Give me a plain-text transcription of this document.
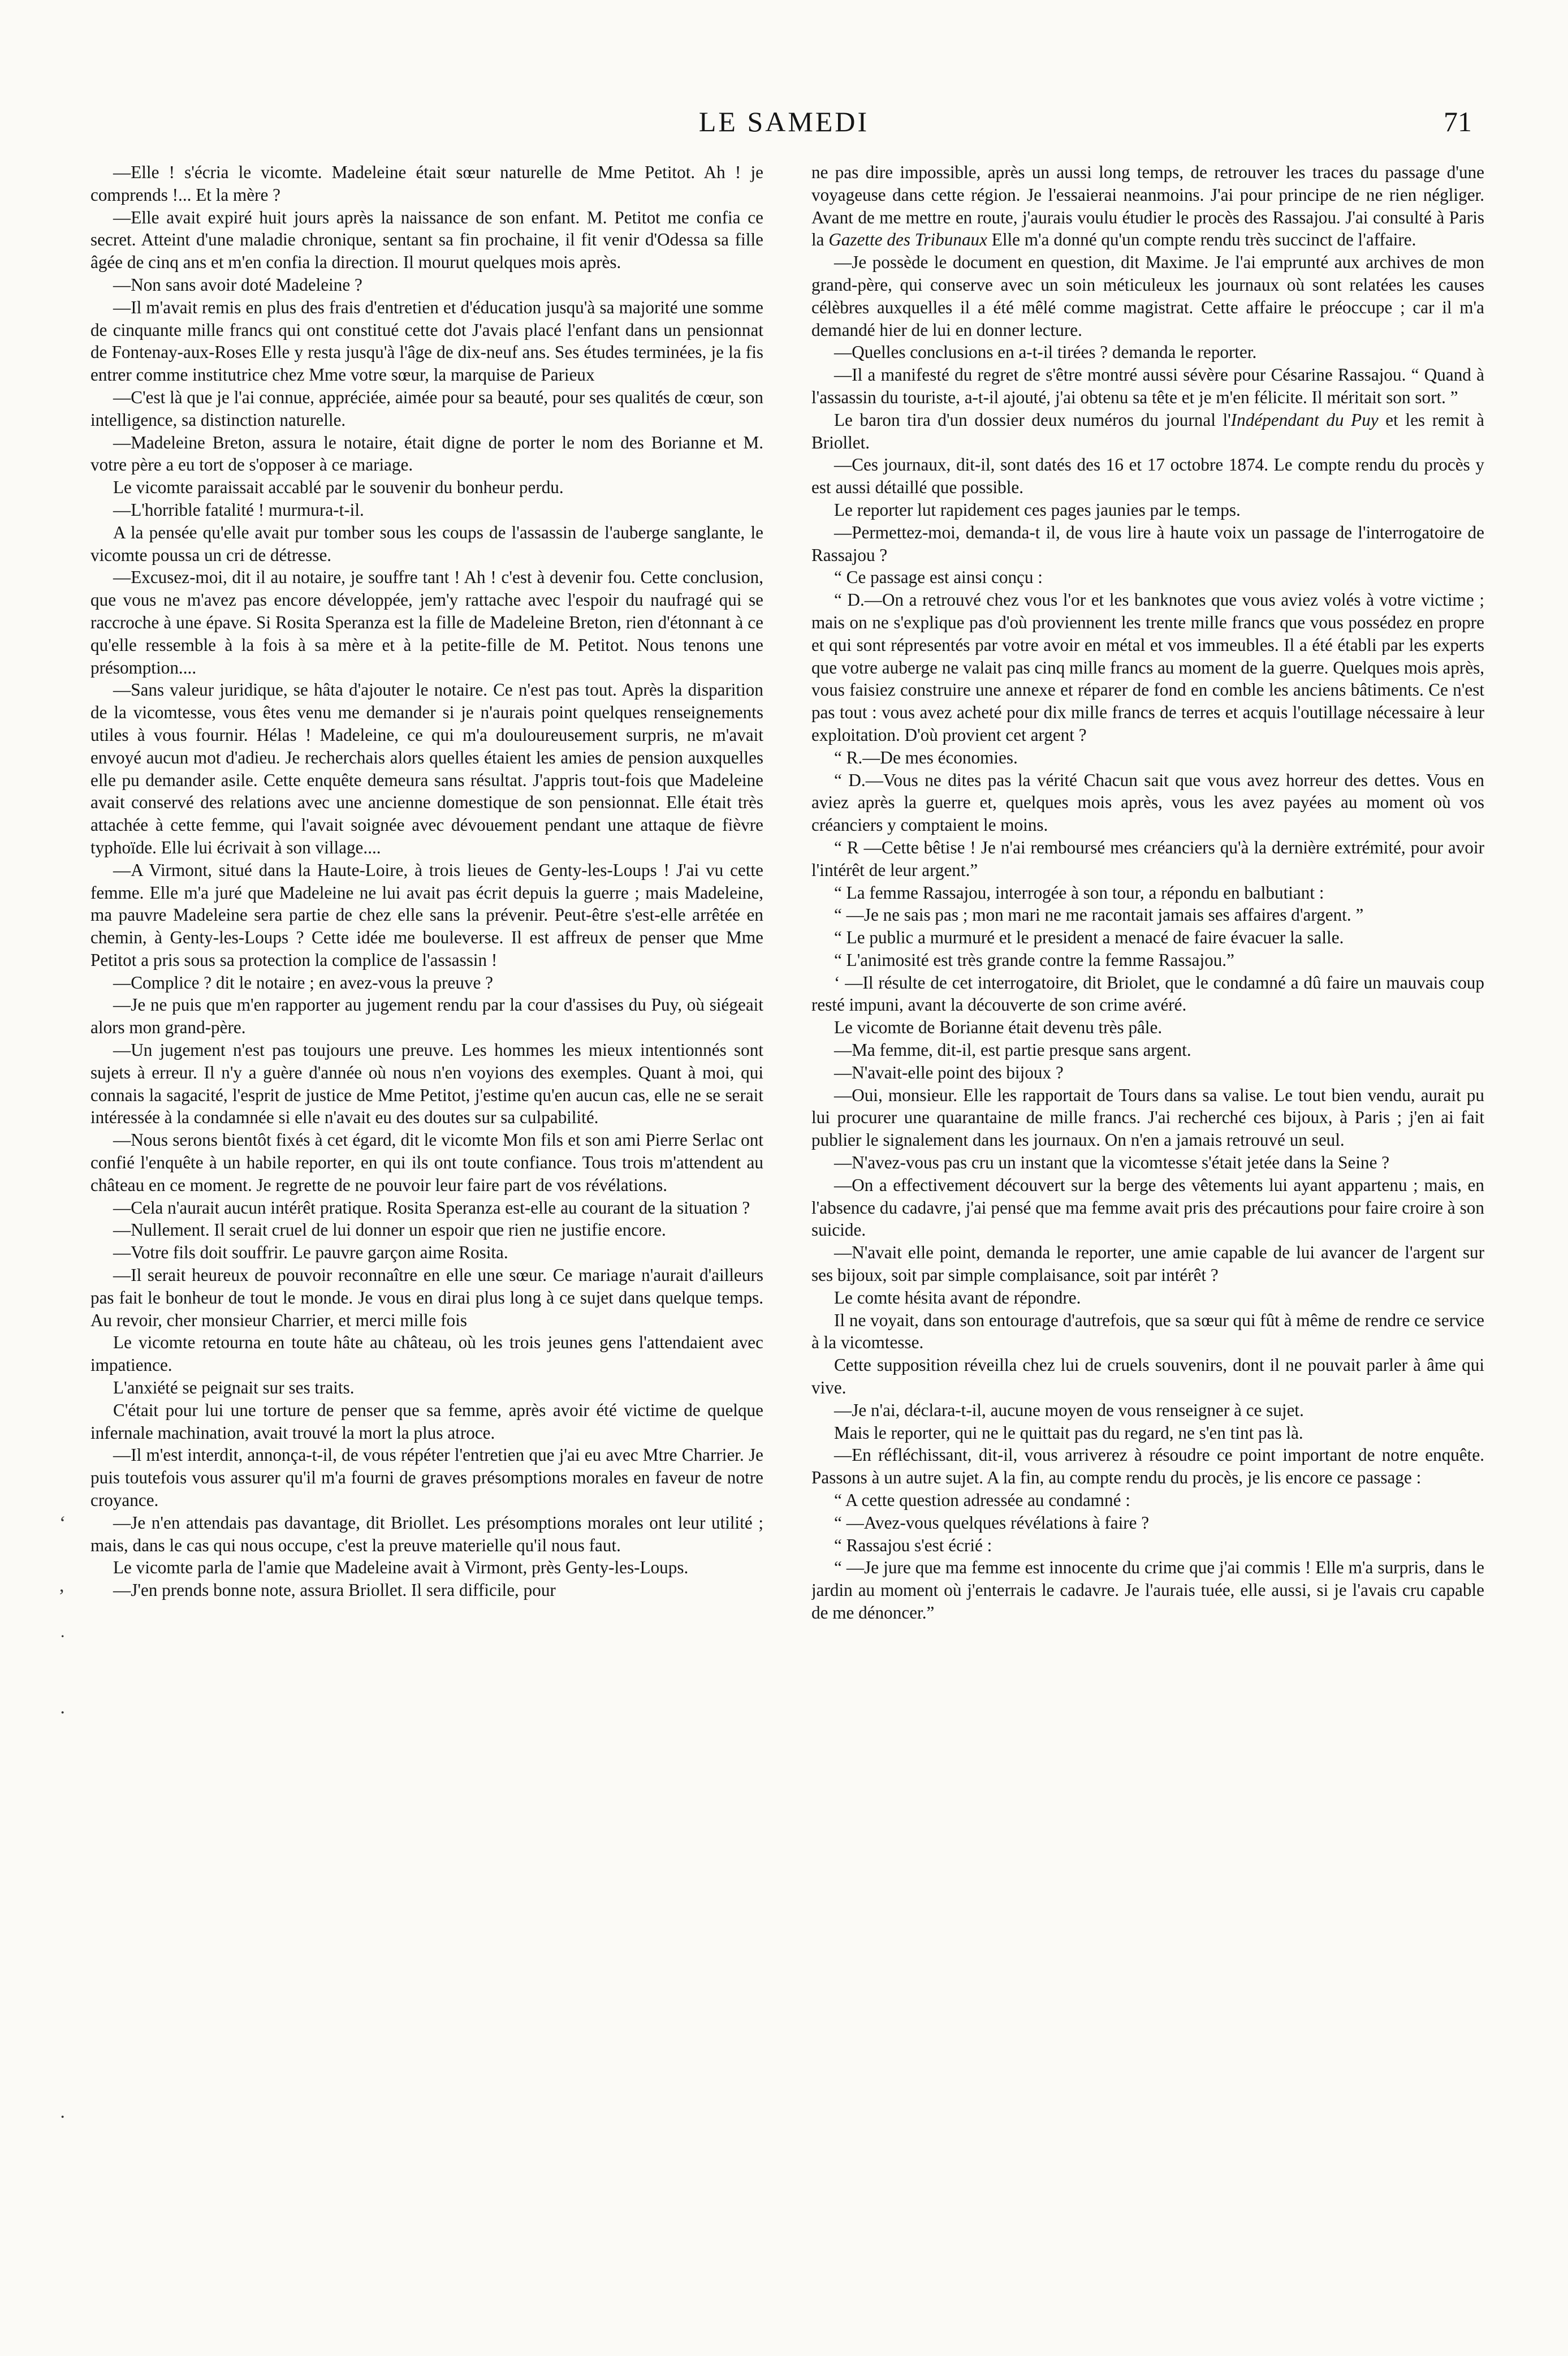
LE SAMEDI	71
‘
,
˙
·
·

—Elle ! s'écria le vicomte. Madeleine était sœur naturelle de Mme Petitot. Ah ! je comprends !... Et la mère ?

—Elle avait expiré huit jours après la naissance de son enfant. M. Petitot me confia ce secret. Atteint d'une maladie chronique, sentant sa fin prochaine, il fit venir d'Odessa sa fille âgée de cinq ans et m'en confia la direction. Il mourut quelques mois après.

—Non sans avoir doté Madeleine ?

—Il m'avait remis en plus des frais d'entretien et d'éducation jusqu'à sa majorité une somme de cinquante mille francs qui ont constitué cette dot J'avais placé l'enfant dans un pensionnat de Fontenay-aux-Roses Elle y resta jusqu'à l'âge de dix-neuf ans. Ses études terminées, je la fis entrer comme institutrice chez Mme votre sœur, la marquise de Parieux

—C'est là que je l'ai connue, appréciée, aimée pour sa beauté, pour ses qualités de cœur, son intelligence, sa distinction naturelle.

—Madeleine Breton, assura le notaire, était digne de porter le nom des Borianne et M. votre père a eu tort de s'opposer à ce mariage.

Le vicomte paraissait accablé par le souvenir du bonheur perdu.

—L'horrible fatalité ! murmura-t-il.

A la pensée qu'elle avait pur tomber sous les coups de l'assassin de l'auberge sanglante, le vicomte poussa un cri de détresse.

—Excusez-moi, dit il au notaire, je souffre tant ! Ah ! c'est à devenir fou. Cette conclusion, que vous ne m'avez pas encore développée, jem'y rattache avec l'espoir du naufragé qui se raccroche à une épave. Si Rosita Speranza est la fille de Madeleine Breton, rien d'étonnant à ce qu'elle ressemble à la fois à sa mère et à la petite-fille de M. Petitot. Nous tenons une présomption....

—Sans valeur juridique, se hâta d'ajouter le notaire. Ce n'est pas tout. Après la disparition de la vicomtesse, vous êtes venu me demander si je n'aurais point quelques renseignements utiles à vous fournir. Hélas ! Madeleine, ce qui m'a douloureusement surpris, ne m'avait envoyé aucun mot d'adieu. Je recherchais alors quelles étaient les amies de pension auxquelles elle pu demander asile. Cette enquête demeura sans résultat. J'appris tout-fois que Madeleine avait conservé des relations avec une ancienne domestique de son pensionnat. Elle était très attachée à cette femme, qui l'avait soignée avec dévouement pendant une attaque de fièvre typhoïde. Elle lui écrivait à son village....

—A Virmont, situé dans la Haute-Loire, à trois lieues de Genty-les-Loups ! J'ai vu cette femme. Elle m'a juré que Madeleine ne lui avait pas écrit depuis la guerre ; mais Madeleine, ma pauvre Madeleine sera partie de chez elle sans la prévenir. Peut-être s'est-elle arrêtée en chemin, à Genty-les-Loups ? Cette idée me bouleverse. Il est affreux de penser que Mme Petitot a pris sous sa protection la complice de l'assassin !

—Complice ? dit le notaire ; en avez-vous la preuve ?

—Je ne puis que m'en rapporter au jugement rendu par la cour d'assises du Puy, où siégeait alors mon grand-père.

—Un jugement n'est pas toujours une preuve. Les hommes les mieux intentionnés sont sujets à erreur. Il n'y a guère d'année où nous n'en voyions des exemples. Quant à moi, qui connais la sagacité, l'esprit de justice de Mme Petitot, j'estime qu'en aucun cas, elle ne se serait intéressée à la condamnée si elle n'avait eu des doutes sur sa culpabilité.

—Nous serons bientôt fixés à cet égard, dit le vicomte Mon fils et son ami Pierre Serlac ont confié l'enquête à un habile reporter, en qui ils ont toute confiance. Tous trois m'attendent au château en ce moment. Je regrette de ne pouvoir leur faire part de vos révélations.

—Cela n'aurait aucun intérêt pratique. Rosita Speranza est-elle au courant de la situation ?

—Nullement. Il serait cruel de lui donner un espoir que rien ne justifie encore.

—Votre fils doit souffrir. Le pauvre garçon aime Rosita.

—Il serait heureux de pouvoir reconnaître en elle une sœur. Ce mariage n'aurait d'ailleurs pas fait le bonheur de tout le monde. Je vous en dirai plus long à ce sujet dans quelque temps. Au revoir, cher monsieur Charrier, et merci mille fois

Le vicomte retourna en toute hâte au château, où les trois jeunes gens l'attendaient avec impatience.

L'anxiété se peignait sur ses traits.

C'était pour lui une torture de penser que sa femme, après avoir été victime de quelque infernale machination, avait trouvé la mort la plus atroce.

—Il m'est interdit, annonça-t-il, de vous répéter l'entretien que j'ai eu avec Mtre Charrier. Je puis toutefois vous assurer qu'il m'a fourni de graves présomptions morales en faveur de notre croyance.

—Je n'en attendais pas davantage, dit Briollet. Les présomptions morales ont leur utilité ; mais, dans le cas qui nous occupe, c'est la preuve materielle qu'il nous faut.

Le vicomte parla de l'amie que Madeleine avait à Virmont, près Genty-les-Loups.

—J'en prends bonne note, assura Briollet. Il sera difficile, pour

ne pas dire impossible, après un aussi long temps, de retrouver les traces du passage d'une voyageuse dans cette région. Je l'essaierai neanmoins. J'ai pour principe de ne rien négliger. Avant de me mettre en route, j'aurais voulu étudier le procès des Rassajou. J'ai consulté à Paris la Gazette des Tribunaux Elle m'a donné qu'un compte rendu très succinct de l'affaire.

—Je possède le document en question, dit Maxime. Je l'ai emprunté aux archives de mon grand-père, qui conserve avec un soin méticuleux les journaux où sont relatées les causes célèbres auxquelles il a été mêlé comme magistrat. Cette affaire le préoccupe ; car il m'a demandé hier de lui en donner lecture.

—Quelles conclusions en a-t-il tirées ? demanda le reporter.

—Il a manifesté du regret de s'être montré aussi sévère pour Césarine Rassajou. “ Quand à l'assassin du touriste, a-t-il ajouté, j'ai obtenu sa tête et je m'en félicite. Il méritait son sort. ”

Le baron tira d'un dossier deux numéros du journal l'Indépendant du Puy et les remit à Briollet.

—Ces journaux, dit-il, sont datés des 16 et 17 octobre 1874. Le compte rendu du procès y est aussi détaillé que possible.

Le reporter lut rapidement ces pages jaunies par le temps.

—Permettez-moi, demanda-t il, de vous lire à haute voix un passage de l'interrogatoire de Rassajou ?

“ Ce passage est ainsi conçu :

“ D.—On a retrouvé chez vous l'or et les banknotes que vous aviez volés à votre victime ; mais on ne s'explique pas d'où proviennent les trente mille francs que vous possédez en propre et qui sont répresentés par votre avoir en métal et vos immeubles. Il a été établi par les experts que votre auberge ne valait pas cinq mille francs au moment de la guerre. Quelques mois après, vous faisiez construire une annexe et réparer de fond en comble les anciens bâtiments. Ce n'est pas tout : vous avez acheté pour dix mille francs de terres et acquis l'outillage nécessaire à leur exploitation. D'où provient cet argent ?

“ R.—De mes économies.

“ D.—Vous ne dites pas la vérité Chacun sait que vous avez horreur des dettes. Vous en aviez après la guerre et, quelques mois après, vous les avez payées au moment où vos créanciers y comptaient le moins.

“ R —Cette bêtise ! Je n'ai remboursé mes créanciers qu'à la dernière extrémité, pour avoir l'intérêt de leur argent.”

“ La femme Rassajou, interrogée à son tour, a répondu en balbutiant :

“ —Je ne sais pas ; mon mari ne me racontait jamais ses affaires d'argent. ”

“ Le public a murmuré et le president a menacé de faire évacuer la salle.

“ L'animosité est très grande contre la femme Rassajou.”

‘ —Il résulte de cet interrogatoire, dit Briolet, que le condamné a dû faire un mauvais coup resté impuni, avant la découverte de son crime avéré.

Le vicomte de Borianne était devenu très pâle.

—Ma femme, dit-il, est partie presque sans argent.

—N'avait-elle point des bijoux ?

—Oui, monsieur. Elle les rapportait de Tours dans sa valise. Le tout bien vendu, aurait pu lui procurer une quarantaine de mille francs. J'ai recherché ces bijoux, à Paris ; j'en ai fait publier le signalement dans les journaux. On n'en a jamais retrouvé un seul.

—N'avez-vous pas cru un instant que la vicomtesse s'était jetée dans la Seine ?

—On a effectivement découvert sur la berge des vêtements lui ayant appartenu ; mais, en l'absence du cadavre, j'ai pensé que ma femme avait pris des précautions pour faire croire à son suicide.

—N'avait elle point, demanda le reporter, une amie capable de lui avancer de l'argent sur ses bijoux, soit par simple complaisance, soit par intérêt ?

Le comte hésita avant de répondre.

Il ne voyait, dans son entourage d'autrefois, que sa sœur qui fût à même de rendre ce service à la vicomtesse.

Cette supposition réveilla chez lui de cruels souvenirs, dont il ne pouvait parler à âme qui vive.

—Je n'ai, déclara-t-il, aucune moyen de vous renseigner à ce sujet.

Mais le reporter, qui ne le quittait pas du regard, ne s'en tint pas là.

—En réfléchissant, dit-il, vous arriverez à résoudre ce point important de notre enquête. Passons à un autre sujet. A la fin, au compte rendu du procès, je lis encore ce passage :

“ A cette question adressée au condamné :

“ —Avez-vous quelques révélations à faire ?

“ Rassajou s'est écrié :

“ —Je jure que ma femme est innocente du crime que j'ai commis ! Elle m'a surpris, dans le jardin au moment où j'enterrais le cadavre. Je l'aurais tuée, elle aussi, si je l'avais cru capable de me dénoncer.”
